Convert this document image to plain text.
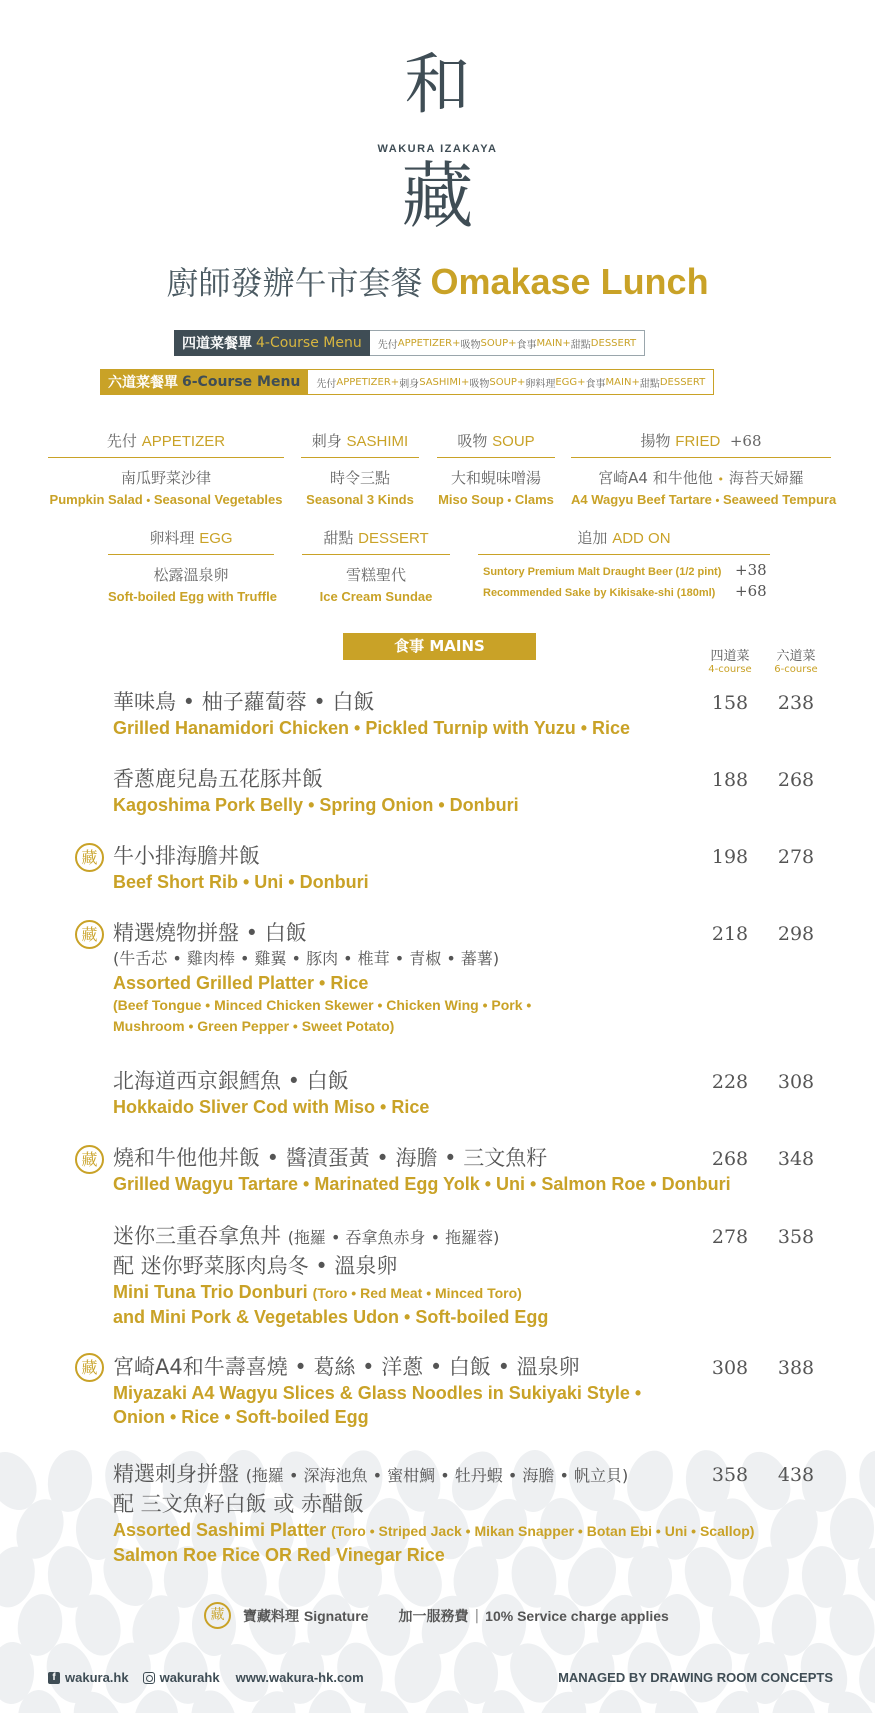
和
WAKURA IZAKAYA
藏
廚師發辦午市套餐 Omakase Lunch
四道菜餐單 4-Course Menu 先付 APPETIZER + 吸物 SOUP + 食事 MAIN + 甜點 DESSERT
六道菜餐單 6-Course Menu 先付 APPETIZER + 刺身 SASHIMI + 吸物 SOUP + 卵料理 EGG + 食事 MAIN + 甜點 DESSERT
先付 APPETIZER
南瓜野菜沙律
Pumpkin Salad • Seasonal Vegetables
刺身 SASHIMI
時令三點
Seasonal 3 Kinds
吸物 SOUP
大和蜆味噌湯
Miso Soup • Clams
揚物 FRIED +68
宮崎A4 和牛他他 • 海苔天婦羅
A4 Wagyu Beef Tartare • Seaweed Tempura
卵料理 EGG
松露溫泉卵
Soft-boiled Egg with Truffle
甜點 DESSERT
雪糕聖代
Ice Cream Sundae
追加 ADD ON
Suntory Premium Malt Draught Beer (1/2 pint) +38
Recommended Sake by Kikisake-shi (180ml) +68
食事 MAINS
四道菜
4-course
六道菜
6-course
華味鳥 • 柚子蘿蔔蓉 • 白飯
Grilled Hanamidori Chicken • Pickled Turnip with Yuzu • Rice
158	238
香蔥鹿兒島五花豚丼飯
Kagoshima Pork Belly • Spring Onion • Donburi
188	268
藏 牛小排海膽丼飯
Beef Short Rib • Uni • Donburi
198	278
藏 精選燒物拼盤 • 白飯
(牛舌芯 • 雞肉棒 • 雞翼 • 豚肉 • 椎茸 • 青椒 • 蕃薯)
Assorted Grilled Platter • Rice
(Beef Tongue • Minced Chicken Skewer • Chicken Wing • Pork •
Mushroom • Green Pepper • Sweet Potato)
218	298
北海道西京銀鱈魚 • 白飯
Hokkaido Sliver Cod with Miso • Rice
228	308
藏 燒和牛他他丼飯 • 醬漬蛋黃 • 海膽 • 三文魚籽
Grilled Wagyu Tartare • Marinated Egg Yolk • Uni • Salmon Roe • Donburi
268	348
迷你三重吞拿魚丼 (拖羅 • 吞拿魚赤身 • 拖羅蓉)
配 迷你野菜豚肉烏冬 • 溫泉卵
Mini Tuna Trio Donburi (Toro • Red Meat • Minced Toro)
and Mini Pork & Vegetables Udon • Soft-boiled Egg
278	358
藏 宮崎A4和牛壽喜燒 • 葛絲 • 洋蔥 • 白飯 • 溫泉卵
Miyazaki A4 Wagyu Slices & Glass Noodles in Sukiyaki Style •
Onion • Rice • Soft-boiled Egg
308	388
精選刺身拼盤 (拖羅 • 深海池魚 • 蜜柑鯛 • 牡丹蝦 • 海膽 • 帆立貝)
配 三文魚籽白飯 或 赤醋飯
Assorted Sashimi Platter (Toro • Striped Jack • Mikan Snapper • Botan Ebi • Uni • Scallop)
Salmon Roe Rice OR Red Vinegar Rice
358	438
藏	寶藏料理
Signature 加一服務費 | 10% Service charge applies
f wakura.hk wakurahk www.wakura-hk.com	MANAGED BY DRAWING ROOM CONCEPTS
